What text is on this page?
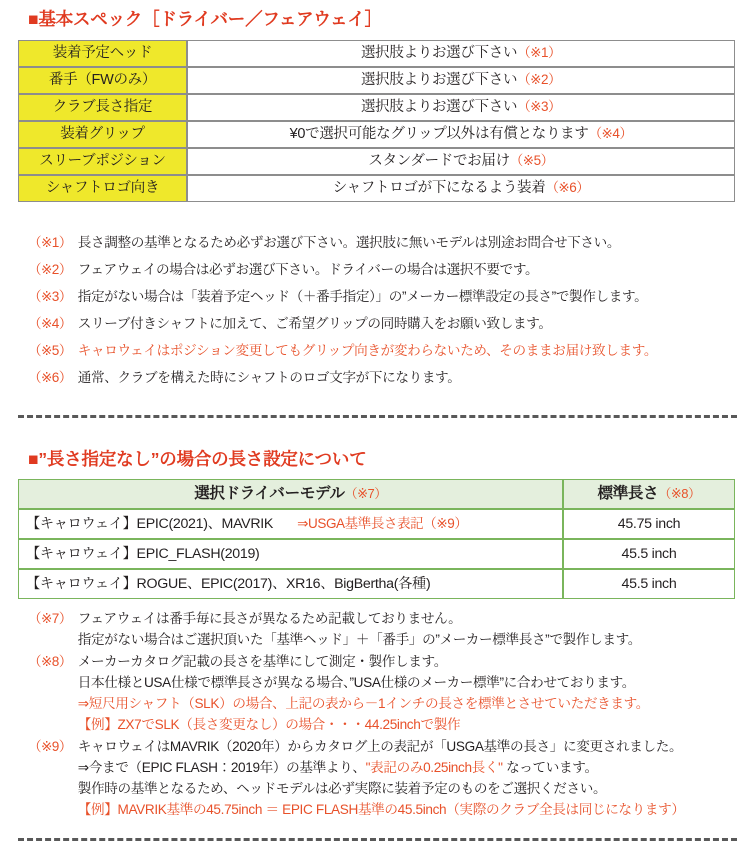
■基本スペック［ドライバー／フェアウェイ］
装着予定ヘッド	選択肢よりお選び下さい（※1）
番手（FWのみ）	選択肢よりお選び下さい（※2）
クラブ長さ指定	選択肢よりお選び下さい（※3）
装着グリップ	¥0で選択可能なグリップ以外は有償となります（※4）
スリーブポジション	スタンダードでお届け（※5）
シャフトロゴ向き	シャフトロゴが下になるよう装着（※6）
（※1） 長さ調整の基準となるため必ずお選び下さい。選択肢に無いモデルは別途お問合せ下さい。
（※2） フェアウェイの場合は必ずお選び下さい。ドライバーの場合は選択不要です。
（※3） 指定がない場合は「装着予定ヘッド（＋番手指定）」の”メーカー標準設定の長さ”で製作します。
（※4） スリーブ付きシャフトに加えて、ご希望グリップの同時購入をお願い致します。
（※5） キャロウェイはポジション変更してもグリップ向きが変わらないため、そのままお届け致します。
（※6） 通常、クラブを構えた時にシャフトのロゴ文字が下になります。
■”長さ指定なし”の場合の長さ設定について
選択ドライバーモデル（※7）	標準長さ（※8）
【キャロウェイ】EPIC(2021)、MAVRIK ⇒USGA基準長さ表記（※9）	45.75 inch
【キャロウェイ】EPIC_FLASH(2019)	45.5 inch
【キャロウェイ】ROGUE、EPIC(2017)、XR16、BigBertha(各種)	45.5 inch
（※7） フェアウェイは番手毎に長さが異なるため記載しておりません。
指定がない場合はご選択頂いた「基準ヘッド」＋「番手」の”メーカー標準長さ”で製作します。
（※8） メーカーカタログ記載の長さを基準にして測定・製作します。
日本仕様とUSA仕様で標準長さが異なる場合、”USA仕様のメーカー標準”に合わせております。
⇒短尺用シャフト（SLK）の場合、上記の表から－1インチの長さを標準とさせていただきます。
【例】ZX7でSLK（長さ変更なし）の場合・・・44.25inchで製作
（※9） キャロウェイはMAVRIK（2020年）からカタログ上の表記が「USGA基準の長さ」に変更されました。
⇒今まで（EPIC FLASH：2019年）の基準より、"表記のみ0.25inch長く" なっています。
製作時の基準となるため、ヘッドモデルは必ず実際に装着予定のものをご選択ください。
【例】MAVRIK基準の45.75inch ＝ EPIC FLASH基準の45.5inch（実際のクラブ全長は同じになります）
